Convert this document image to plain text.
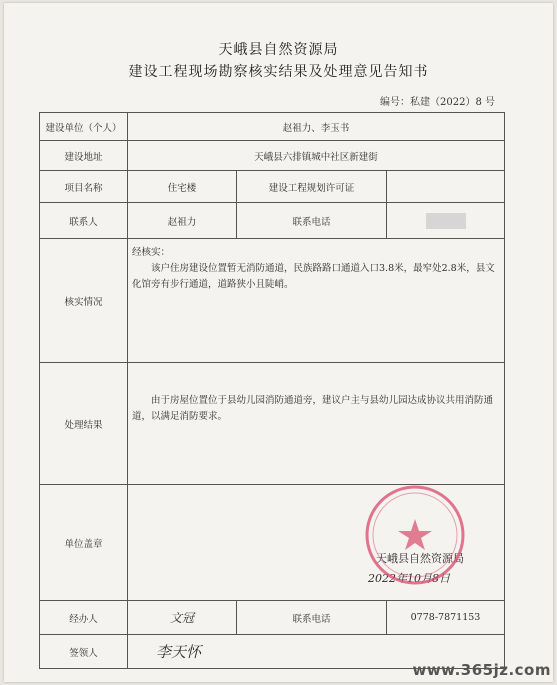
天峨县自然资源局
建设工程现场勘察核实结果及处理意见告知书
编号：私建（2022）8 号
建设单位（个人）	赵祖力、李玉书		
建设地址	天峨县六排镇城中社区新建街		
项目名称	住宅楼	建设工程规划许可证	
联系人	赵祖力	联系电话	
核实情况	经核实：
该户住房建设位置暂无消防通道，民族路路口通道入口3.8米，最窄处2.8米，县文化馆旁有步行通道，道路狭小且陡峭。		

处理结果	由于房屋位置位于县幼儿园消防通道旁，建议户主与县幼儿园达成协议共用消防通道，以满足消防要求。		

单位盖章	天峨县自然资源局
2022年10月8日		

经办人	文冠	联系电话	0778-7871153
签领人	李天怀		
www.365jz.com
